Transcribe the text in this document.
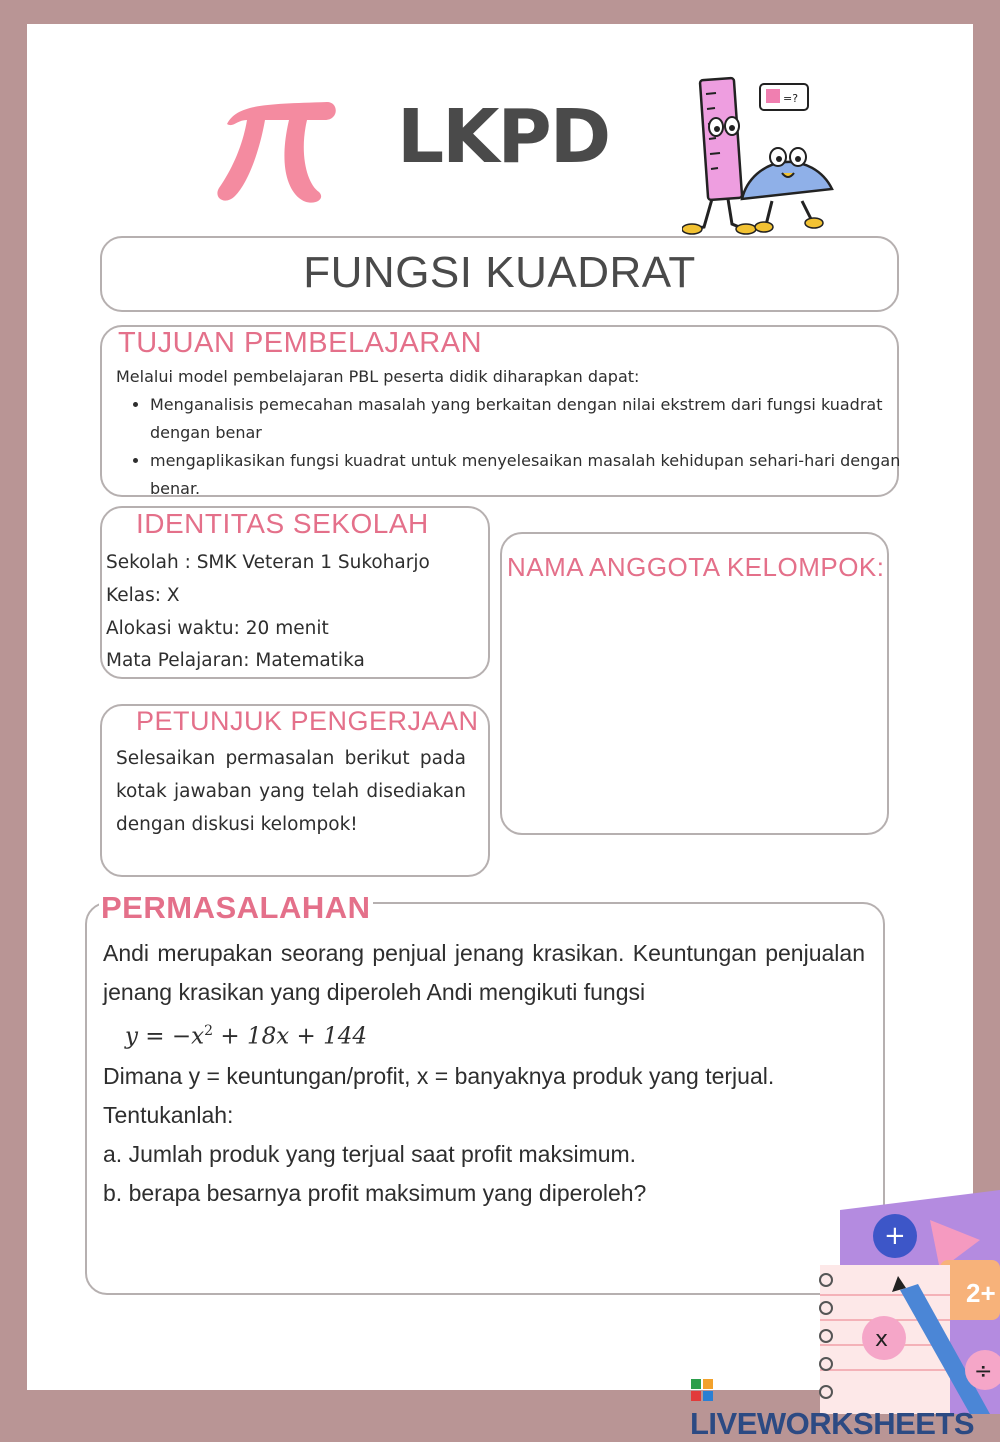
LKPD	=?
FUNGSI KUADRAT
TUJUAN PEMBELAJARAN
Melalui model pembelajaran PBL peserta didik diharapkan dapat:
• Menganalisis pemecahan masalah yang berkaitan dengan nilai ekstrem dari fungsi kuadrat dengan benar
• mengaplikasikan fungsi kuadrat untuk menyelesaikan masalah kehidupan sehari-hari dengan benar.
IDENTITAS SEKOLAH
Sekolah : SMK Veteran 1 Sukoharjo
Kelas: X
Alokasi waktu: 20 menit
Mata Pelajaran: Matematika
NAMA ANGGOTA KELOMPOK:
PETUNJUK PENGERJAAN
Selesaikan permasalan berikut pada kotak jawaban yang telah disediakan dengan diskusi kelompok!
PERMASALAHAN

Andi merupakan seorang penjual jenang krasikan. Keuntungan penjualan jenang krasikan yang diperoleh Andi mengikuti fungsi

$y = -x^2 + 18x + 144$

Dimana y = keuntungan/profit, x = banyaknya produk yang terjual.

Tentukanlah:

a. Jumlah produk yang terjual saat profit maksimum.

b. berapa besarnya profit maksimum yang diperoleh?

2+
+
x
÷
LIVEWORKSHEETS
